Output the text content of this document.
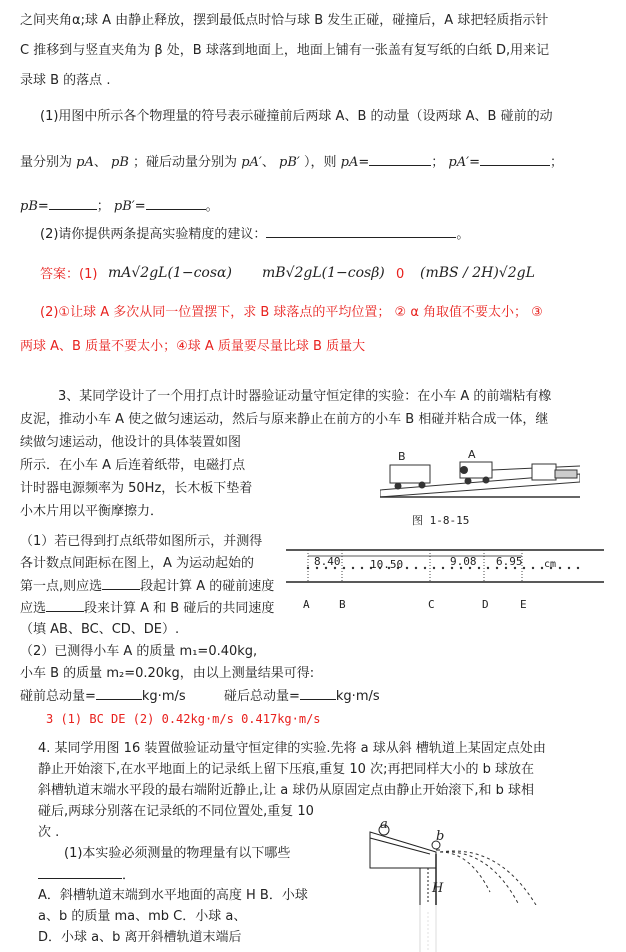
之间夹角α;球 A 由静止释放，摆到最低点时恰与球 B 发生正碰，碰撞后，A 球把轻质指示针
C 推移到与竖直夹角为 β 处，B 球落到地面上，地面上铺有一张盖有复写纸的白纸 D,用来记
录球 B 的落点 .
(1)用图中所示各个物理量的符号表示碰撞前后两球 A、B 的动量（设两球 A、B 碰前的动
量分别为 pA、 pB ；碰后动量分别为 pA′、 pB′ ），则 pA=	； pA′=	；
pB=	； pB′=	。
(2)请你提供两条提高实验精度的建议：	。
答案：(1) mA√2gL(1−cosα) mB√2gL(1−cosβ) 0 (mBS / 2H)√2gL
(2)①让球 A 多次从同一位置摆下，求 B 球落点的平均位置； ② α 角取值不要太小； ③
两球 A、B 质量不要太小；④球 A 质量要尽量比球 B 质量大
3、某同学设计了一个用打点计时器验证动量守恒定律的实验：在小车 A 的前端粘有橡
皮泥，推动小车 A 使之做匀速运动，然后与原来静止在前方的小车 B 相碰并粘合成一体，继
续做匀速运动，他设计的具体装置如图
所示．在小车 A 后连着纸带，电磁打点
计时器电源频率为 50Hz，长木板下垫着
小木片用以平衡摩擦力．
B	A
图 1-8-15
（1）若已得到打点纸带如图所示，并测得
各计数点间距标在图上，A 为运动起始的
第一点,则应选	段起计算 A 的碰前速度
应选	段来计算 A 和 B 碰后的共同速度
（填 AB、BC、CD、DE）.
（2）已测得小车 A 的质量 m₁=0.40kg,
小车 B 的质量 m₂=0.20kg，由以上测量结果可得:
碰前总动量=	kg·m/s	碰后总动量=	kg·m/s
cm
8.40	10.50	9.08 6.95
A	B	C	D	E
3 (1) BC DE (2) 0.42kg·m/s 0.417kg·m/s
4. 某同学用图 16 装置做验证动量守恒定律的实验.先将 a 球从斜 槽轨道上某固定点处由
静止开始滚下,在水平地面上的记录纸上留下压痕,重复 10 次;再把同样大小的 b 球放在
斜槽轨道末端水平段的最右端附近静止,让 a 球仍从原固定点由静止开始滚下,和 b 球相
碰后,两球分别落在记录纸的不同位置处,重复 10
次 .
(1)本实验必须测量的物理量有以下哪些
．
A．斜槽轨道末端到水平地面的高度 H B．小球
a、b 的质量 ma、mb C．小球 a、
D．小球 a、b 离开斜槽轨道末端后
a
b
H
